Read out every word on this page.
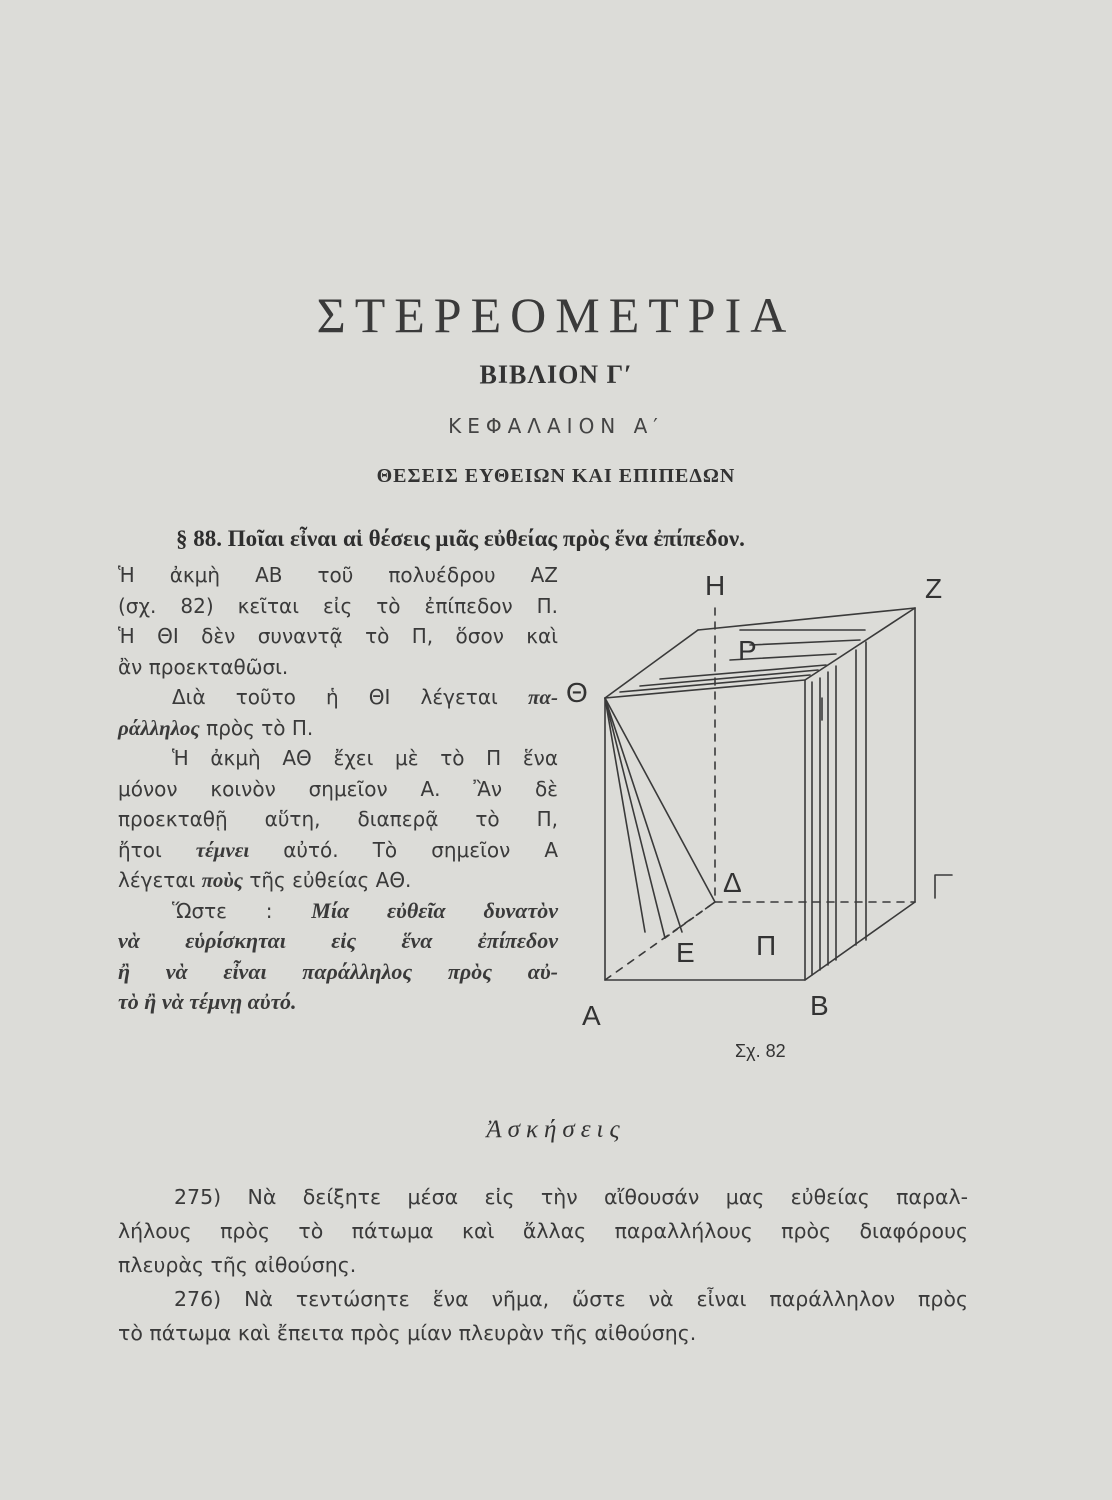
ΣΤΕΡΕΟΜΕΤΡΙΑ
ΒΙΒΛΙΟΝ Γ′
ΚΕΦΑΛΑΙΟΝ Α′
ΘΕΣΕΙΣ ΕΥΘΕΙΩΝ ΚΑΙ ΕΠΙΠΕΔΩΝ
§ 88. Ποῖαι εἶναι αἱ θέσεις μιᾶς εὐθείας πρὸς ἕνα ἐπίπεδον.

Ἡ ἀκμὴ ΑΒ τοῦ πολυέδρου ΑΖ

(σχ. 82) κεῖται εἰς τὸ ἐπίπεδον Π.

Ἡ ΘΙ δὲν συναντᾷ τὸ Π, ὅσον καὶ

ἂν προεκταθῶσι.

Διὰ τοῦτο ἡ ΘΙ λέγεται πα-

ράλληλος πρὸς τὸ Π.

Ἡ ἀκμὴ ΑΘ ἔχει μὲ τὸ Π ἕνα

μόνον κοινὸν σημεῖον Α. Ἂν δὲ

προεκταθῇ αὕτη, διαπερᾷ τὸ Π,

ἤτοι τέμνει αὐτό. Τὸ σημεῖον Α

λέγεται ποὺς τῆς εὐθείας ΑΘ.

Ὥστε : Μία εὐθεῖα δυνατὸν

νὰ εὑρίσκηται εἰς ἕνα ἐπίπεδον

ἢ νὰ εἶναι παράλληλος πρὸς αὐ-

τὸ ἢ νὰ τέμνῃ αὐτό.

Η	Ζ
Ρ
Θ
Δ
Ε Π
Α	Β
Σχ. 82
Ἀσκήσεις

275) Νὰ δείξητε μέσα εἰς τὴν αἴθουσάν μας εὐθείας παραλ-

λήλους πρὸς τὸ πάτωμα καὶ ἄλλας παραλλήλους πρὸς διαφόρους

πλευρὰς τῆς αἰθούσης.

276) Νὰ τεντώσητε ἕνα νῆμα, ὥστε νὰ εἶναι παράλληλον πρὸς

τὸ πάτωμα καὶ ἔπειτα πρὸς μίαν πλευρὰν τῆς αἰθούσης.
